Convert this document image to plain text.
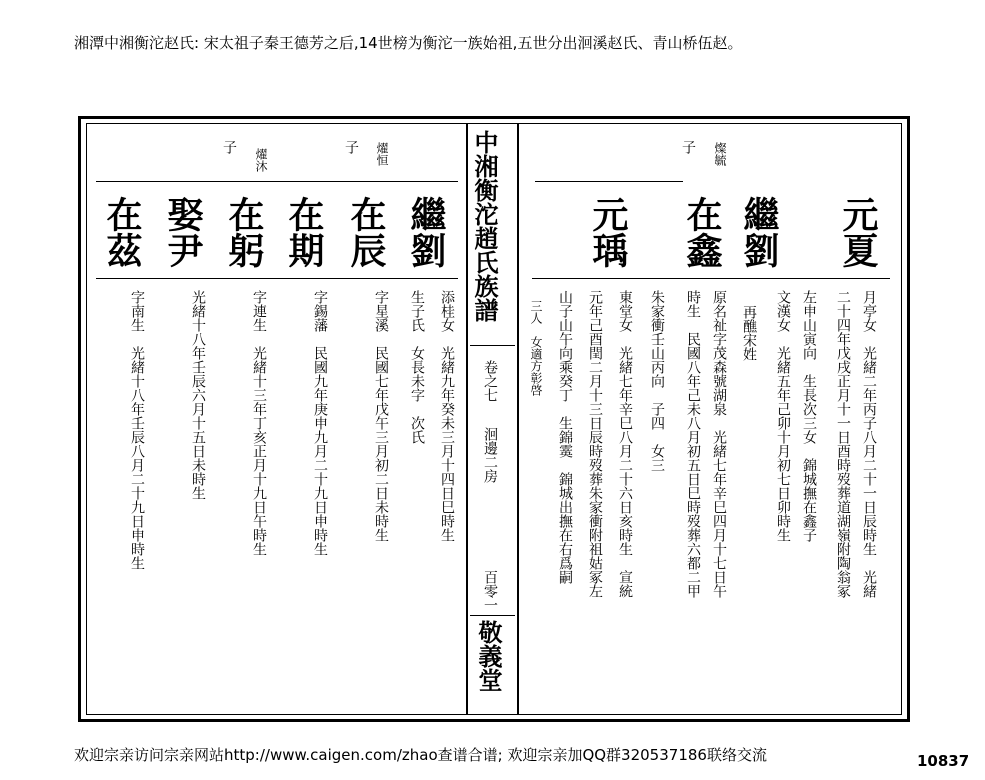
湘潭中湘衡沱赵氏: 宋太祖子秦王德芳之后,14世榜为衡沱一族始祖,五世分出洄溪赵氏、青山桥伍赵。
中湘衡沱趙氏族譜
卷之七
洄邊二房
百零一
敬義堂
燦毓
子
元夏
繼劉
在鑫
元瑀
月亭女　光緒二年丙子八月二十一日辰時生　光緒
二十四年戊戌正月十一日酉時歿葬道湖嶺附陶翁冢
左申山寅向　生長次三女　錦城撫在鑫子
文漢女　光緒五年己卯十月初七日卯時生
再醮宋姓
原名祉字茂森號湖泉　光緒七年辛巳四月十七日午
時生　民國八年己未八月初五日巳時歿葬六都二甲
朱家衝壬山丙向　子四　女三
東堂女　光緒七年辛巳八月二十六日亥時生　宣統
元年己酉閏二月十三日辰時歿葬朱家衝附祖姑冢左
山子山午向乘癸丁　生錦霙　錦城出撫在右爲嗣
三人　女適方彰啓
燿恒
子
燿沐
子
繼劉
在辰
在期
在躬
娶尹
在茲
添桂女　光緒九年癸未三月十四日巳時生
生子氏　女長未字　次氏
字星溪　民國七年戊午三月初二日未時生
字錫藩　民國九年庚申九月二十九日申時生
字連生　光緒十三年丁亥正月十九日午時生
光緒十八年壬辰六月十五日未時生
字南生　光緒十八年壬辰八月二十九日申時生
欢迎宗亲访问宗亲网站http://www.caigen.com/zhao查谱合谱; 欢迎宗亲加QQ群320537186联络交流	10837
